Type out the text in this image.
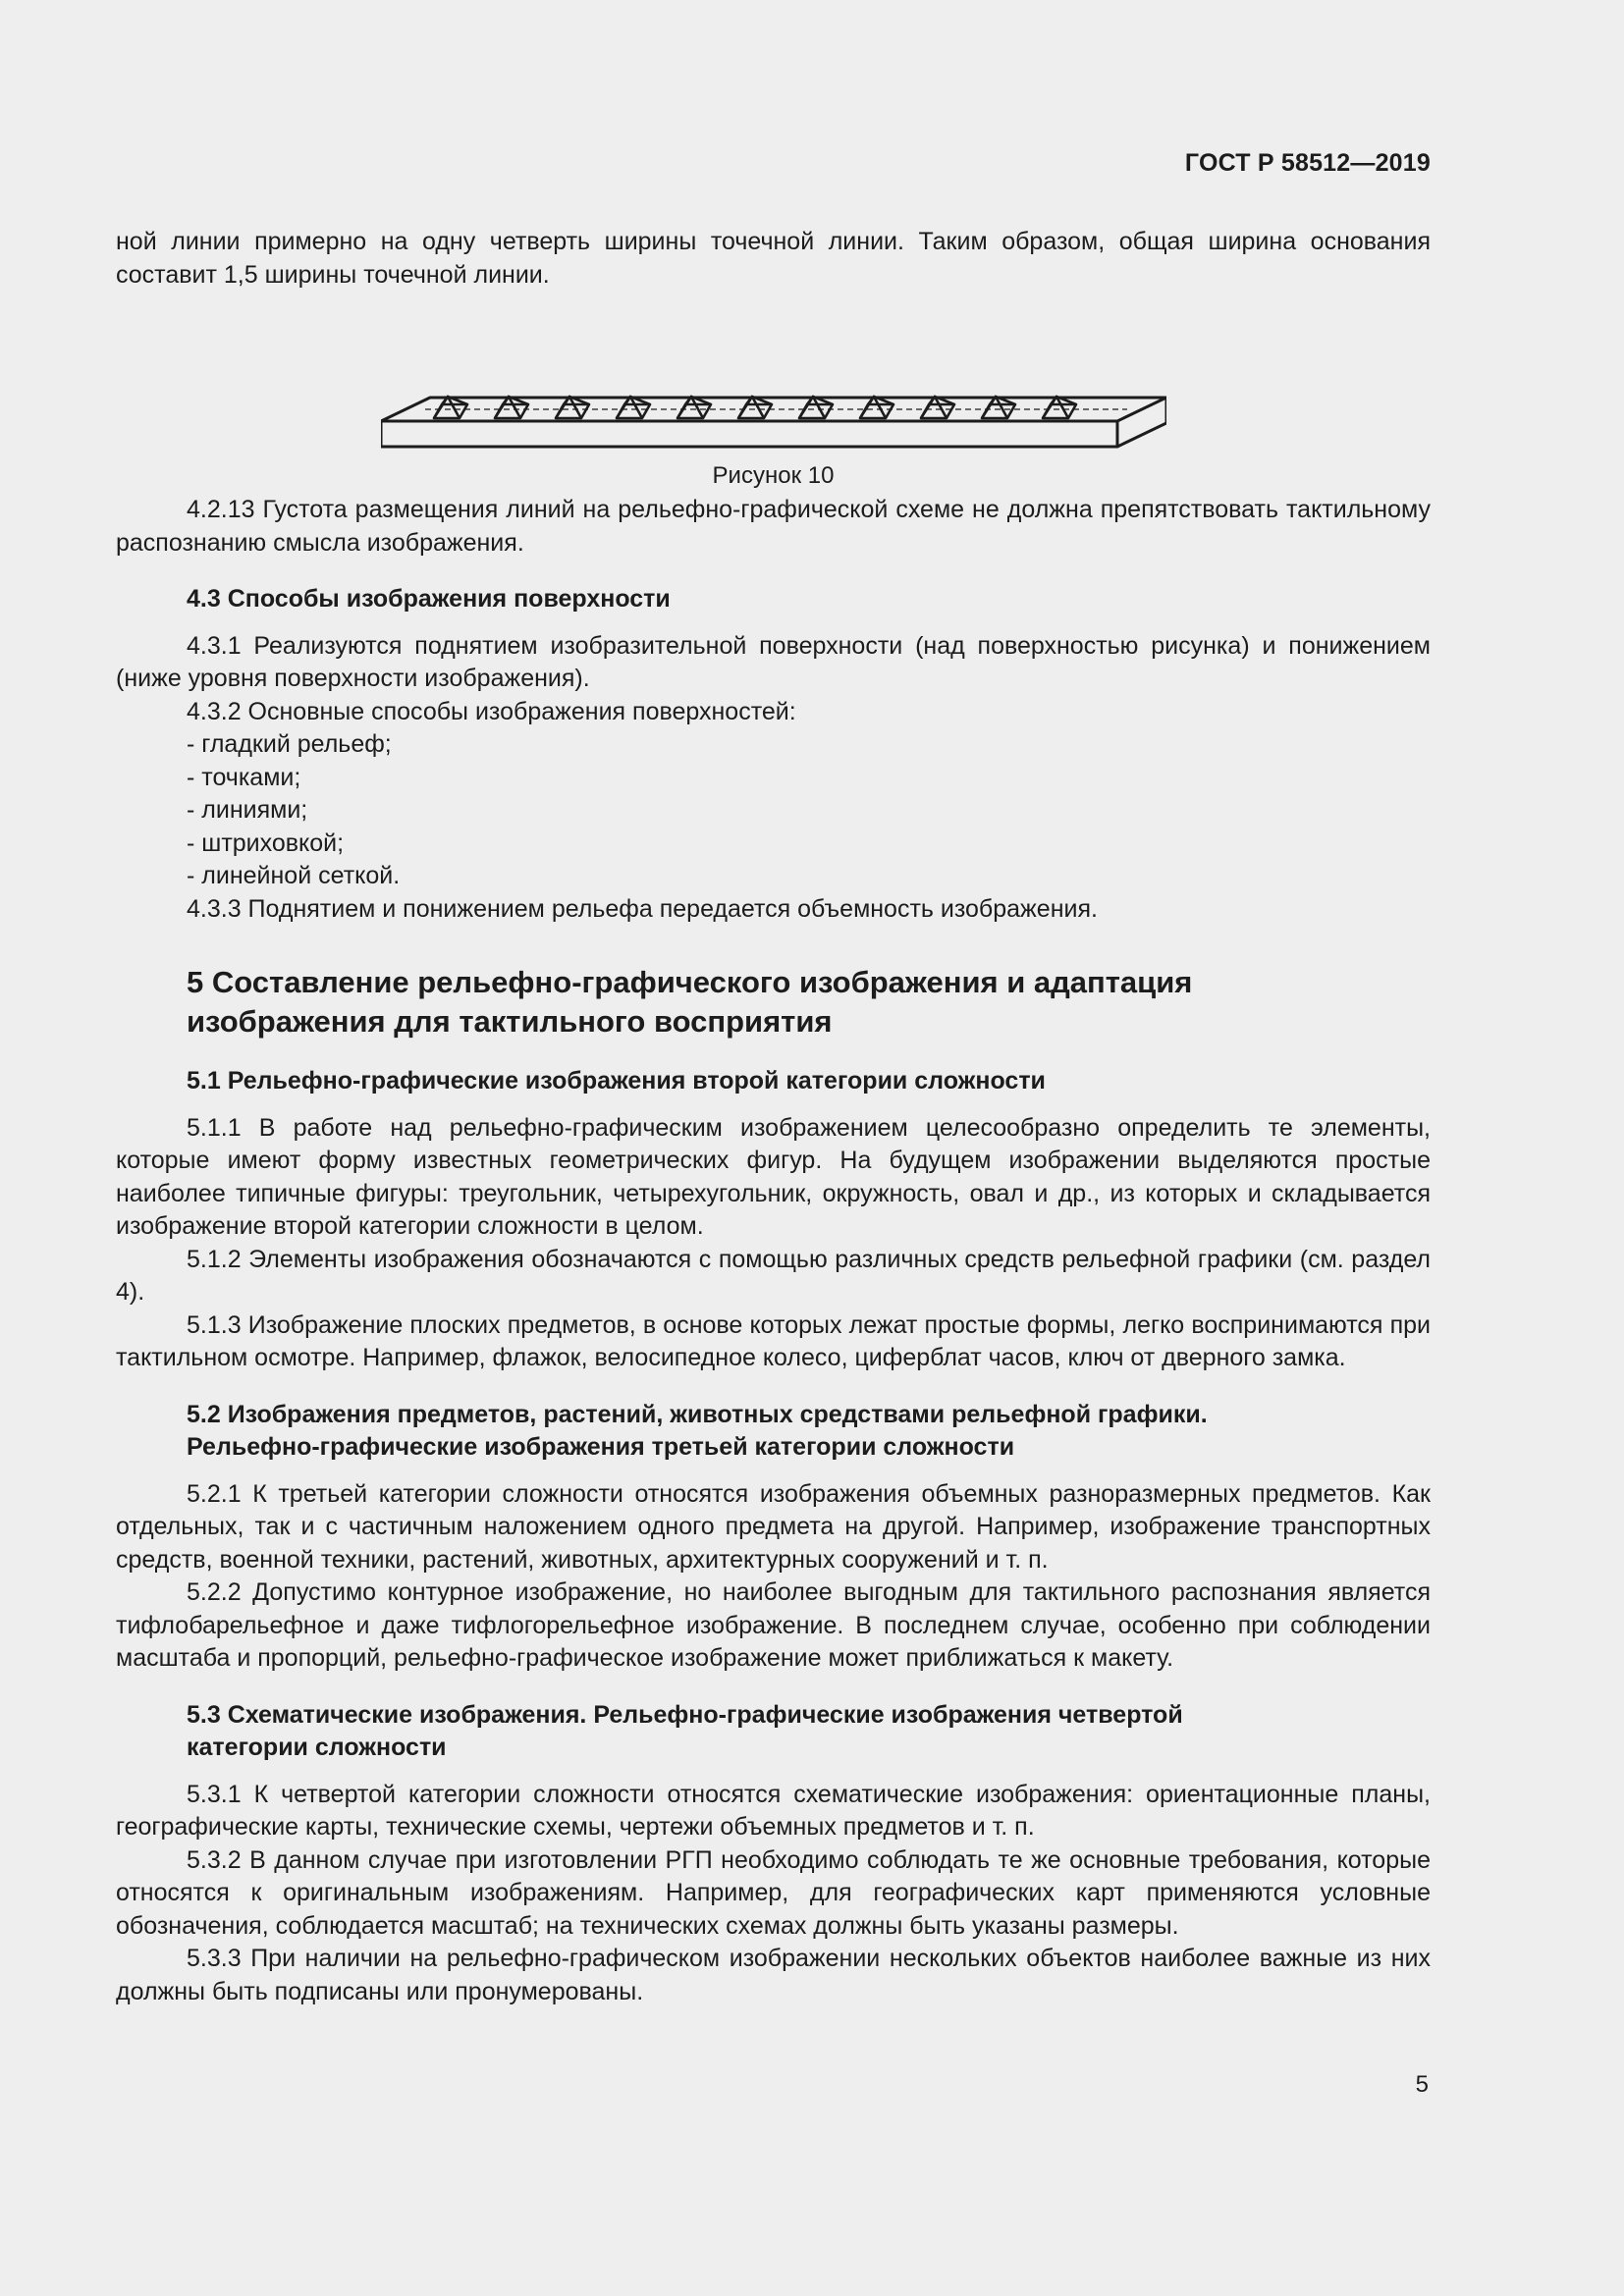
ГОСТ Р 58512—2019

ной линии примерно на одну четверть ширины точечной линии. Таким образом, общая ширина основания составит 1,5 ширины точечной линии.

Рисунок 10

4.2.13 Густота размещения линий на рельефно-графической схеме не должна препятствовать тактильному распознанию смысла изображения.

4.3 Способы изображения поверхности

4.3.1 Реализуются поднятием изобразительной поверхности (над поверхностью рисунка) и понижением (ниже уровня поверхности изображения).

4.3.2 Основные способы изображения поверхностей:

- гладкий рельеф;

- точками;

- линиями;

- штриховкой;

- линейной сеткой.

4.3.3 Поднятием и понижением рельефа передается объемность изображения.

5 Составление рельефно-графического изображения и адаптация
изображения для тактильного восприятия
5.1 Рельефно-графические изображения второй категории сложности

5.1.1 В работе над рельефно-графическим изображением целесообразно определить те элементы, которые имеют форму известных геометрических фигур. На будущем изображении выделяются простые наиболее типичные фигуры: треугольник, четырехугольник, окружность, овал и др., из которых и складывается изображение второй категории сложности в целом.

5.1.2 Элементы изображения обозначаются с помощью различных средств рельефной графики (см. раздел 4).

5.1.3 Изображение плоских предметов, в основе которых лежат простые формы, легко воспринимаются при тактильном осмотре. Например, флажок, велосипедное колесо, циферблат часов, ключ от дверного замка.

5.2 Изображения предметов, растений, животных средствами рельефной графики.
Рельефно-графические изображения третьей категории сложности

5.2.1 К третьей категории сложности относятся изображения объемных разноразмерных предметов. Как отдельных, так и с частичным наложением одного предмета на другой. Например, изображение транспортных средств, военной техники, растений, животных, архитектурных сооружений и т. п.

5.2.2 Допустимо контурное изображение, но наиболее выгодным для тактильного распознания является тифлобарельефное и даже тифлогорельефное изображение. В последнем случае, особенно при соблюдении масштаба и пропорций, рельефно-графическое изображение может приближаться к макету.

5.3 Схематические изображения. Рельефно-графические изображения четвертой
категории сложности

5.3.1 К четвертой категории сложности относятся схематические изображения: ориентационные планы, географические карты, технические схемы, чертежи объемных предметов и т. п.

5.3.2 В данном случае при изготовлении РГП необходимо соблюдать те же основные требования, которые относятся к оригинальным изображениям. Например, для географических карт применяются условные обозначения, соблюдается масштаб; на технических схемах должны быть указаны размеры.

5.3.3 При наличии на рельефно-графическом изображении нескольких объектов наиболее важные из них должны быть подписаны или пронумерованы.

5
